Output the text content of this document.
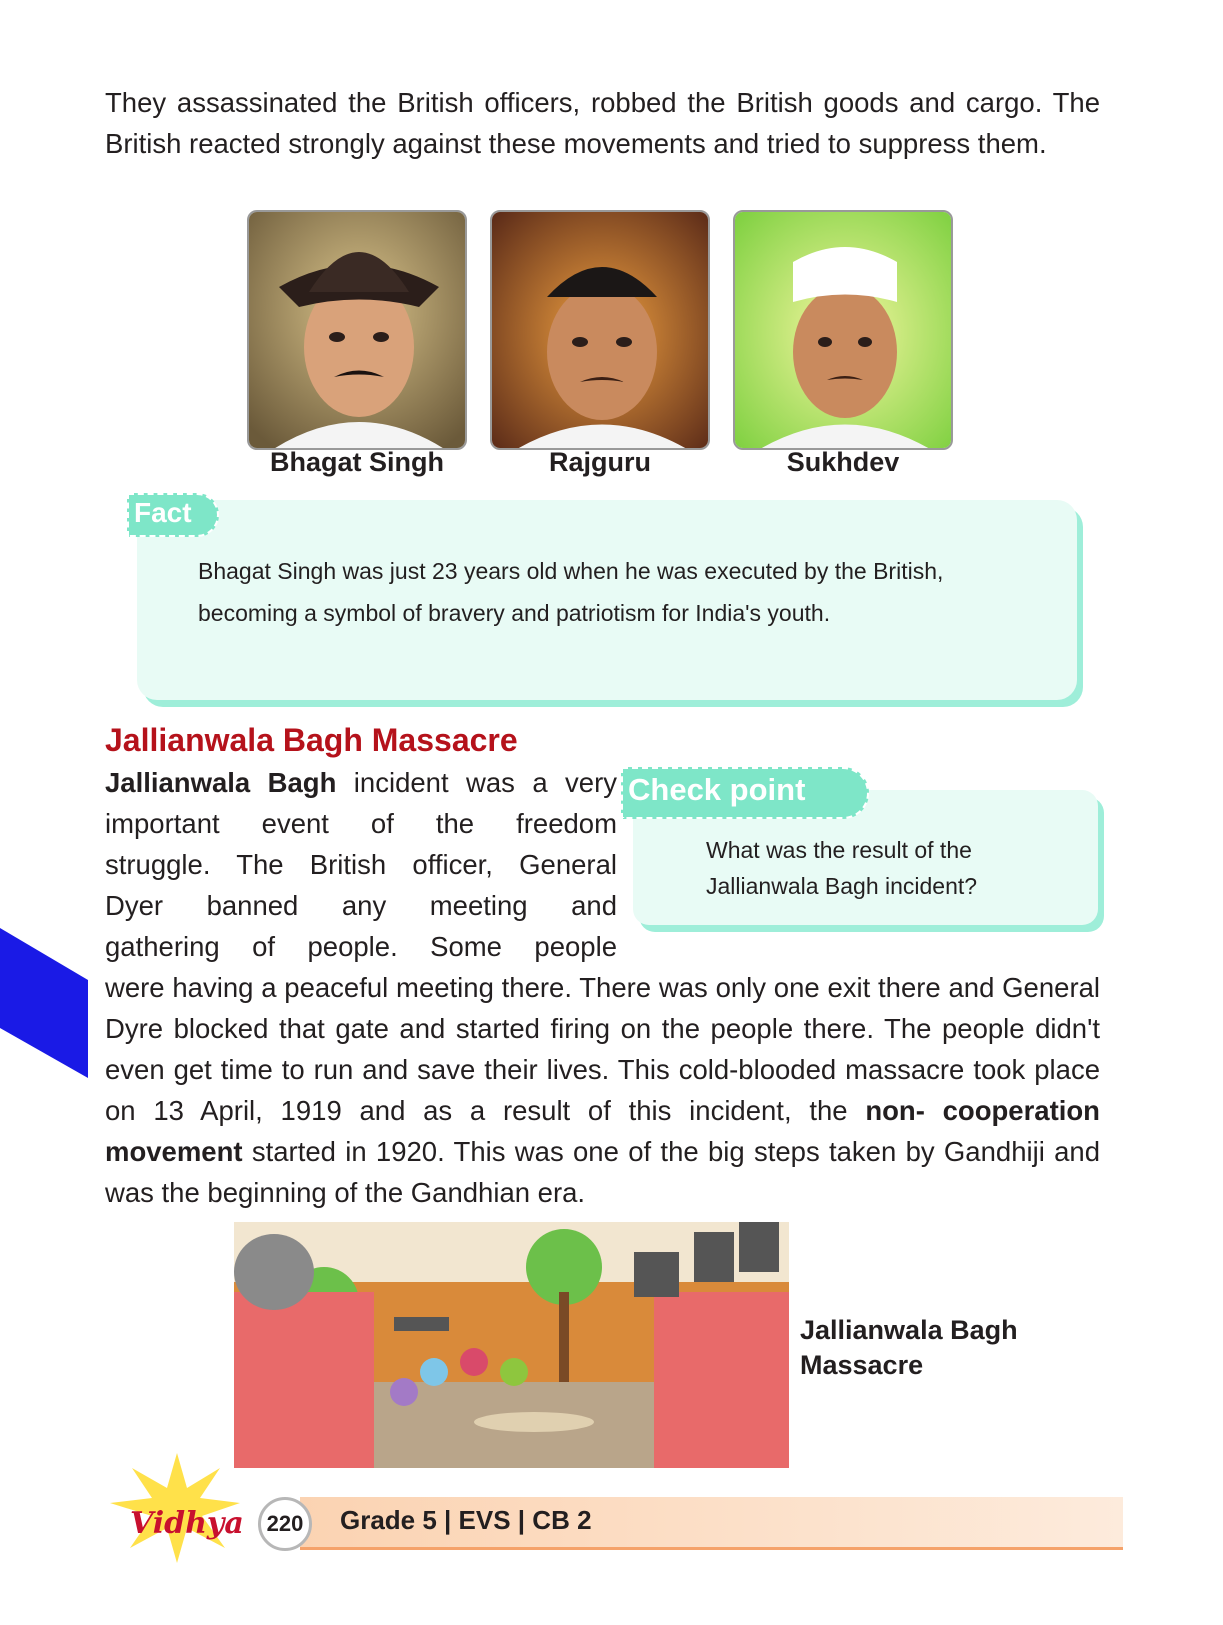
They assassinated the British officers, robbed the British goods and cargo. The British reacted strongly against these movements and tried to suppress them.

Bhagat Singh	Rajguru	Sukhdev
Fact

Bhagat Singh was just 23 years old when he was executed by the British, becoming a symbol of bravery and patriotism for India's youth.

Jallianwala Bagh Massacre
Jallianwala Bagh incident was a very
important event of the freedom
struggle. The British officer, General
Dyer banned any meeting and
gathering of people. Some people
Check point

What was the result of the Jallianwala Bagh incident?

were having a peaceful meeting there. There was only one exit there and General Dyre blocked that gate and started firing on the people there. The people didn't even get time to run and save their lives. This cold-blooded massacre took place on 13 April, 1919 and as a result of this incident, the non- cooperation movement started in 1920. This was one of the big steps taken by Gandhiji and was the beginning of the Gandhian era.

Jallianwala Bagh Massacre

220	Grade 5 | EVS | CB 2
Vidhya
